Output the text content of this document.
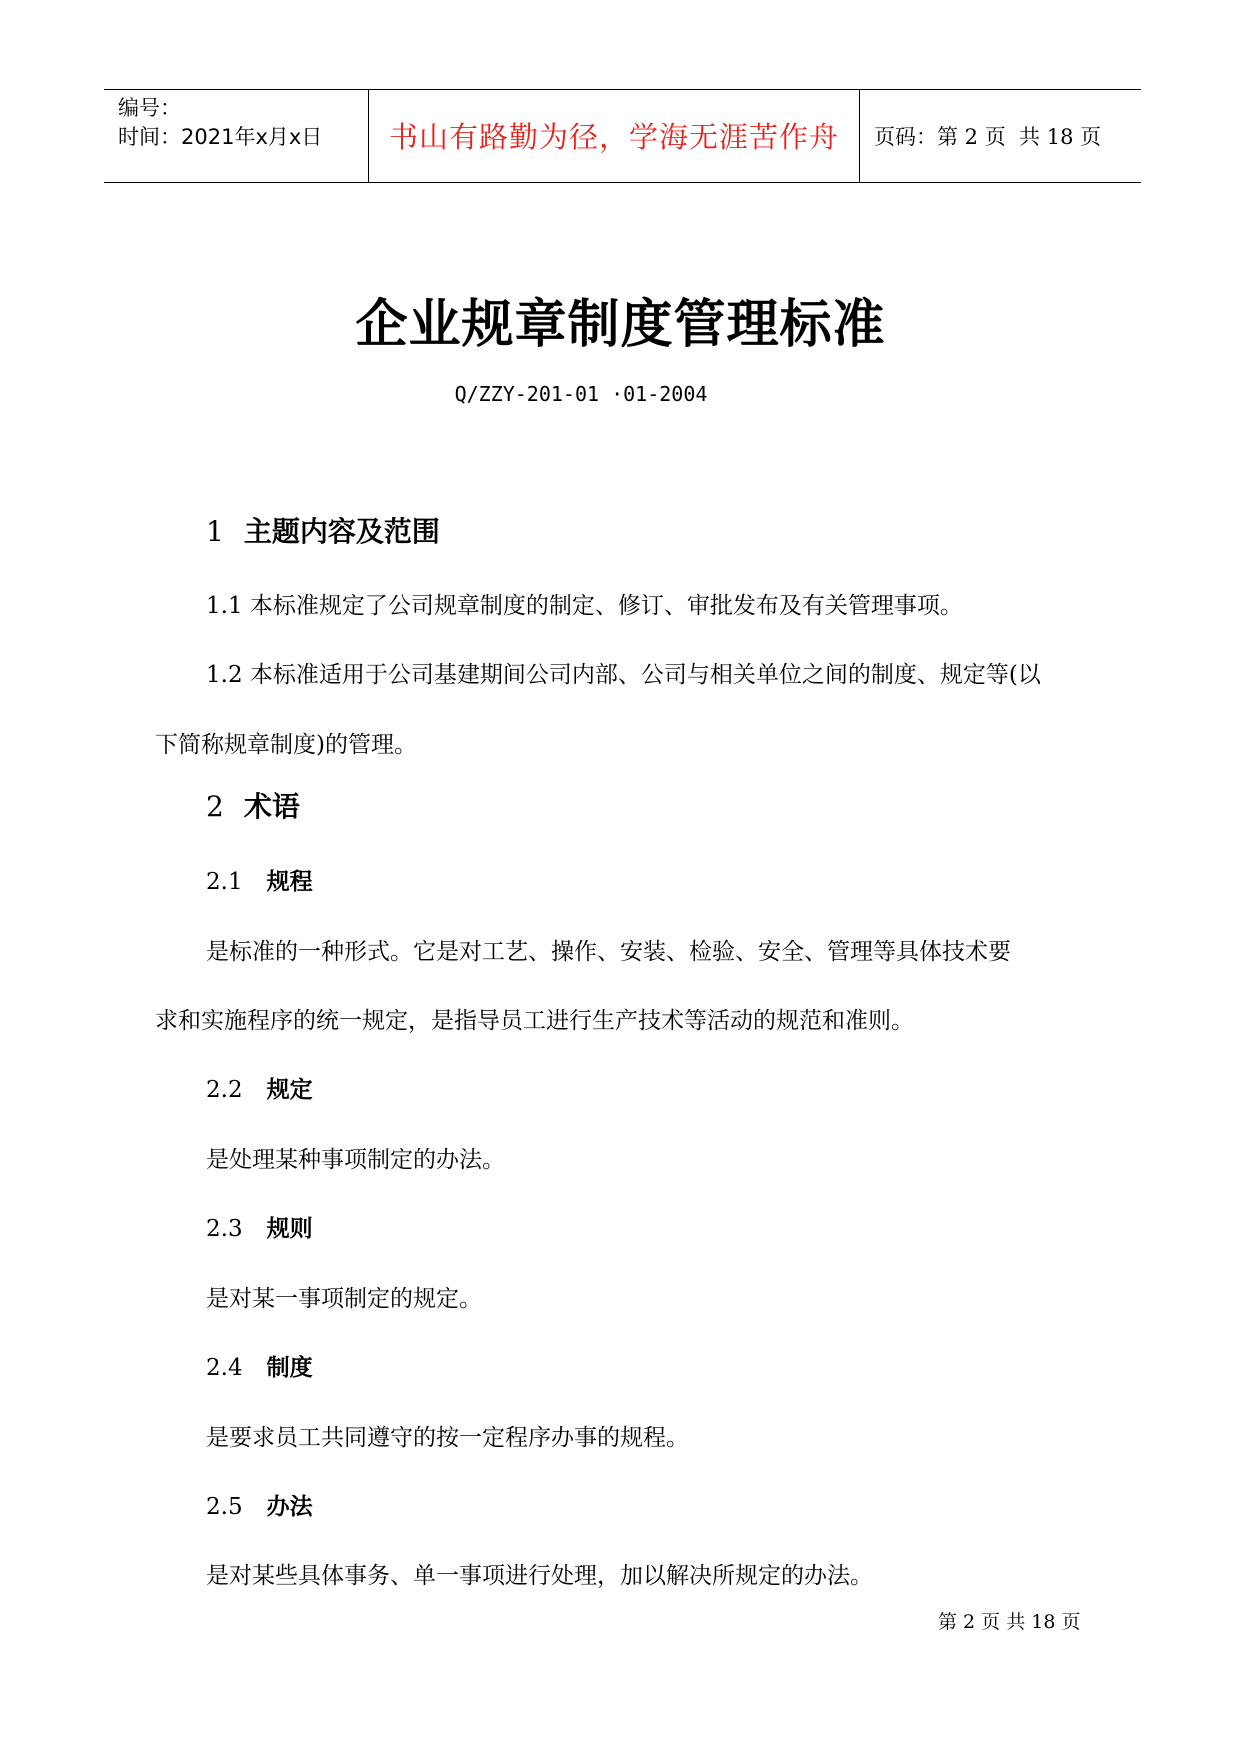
编号：
时间：2021年x月x日	书山有路勤为径，学海无涯苦作舟	页码：第 2 页  共 18 页
企业规章制度管理标准
Q/ZZY-201-01 ·01-2004
1 主题内容及范围
1.1 本标准规定了公司规章制度的制定、修订、审批发布及有关管理事项。
1.2 本标准适用于公司基建期间公司内部、公司与相关单位之间的制度、规定等(以
下简称规章制度)的管理。
2 术语
2.1 规程
是标准的一种形式。它是对工艺、操作、安装、检验、安全、管理等具体技术要
求和实施程序的统一规定，是指导员工进行生产技术等活动的规范和准则。
2.2 规定
是处理某种事项制定的办法。
2.3 规则
是对某一事项制定的规定。
2.4 制度
是要求员工共同遵守的按一定程序办事的规程。
2.5 办法
是对某些具体事务、单一事项进行处理，加以解决所规定的办法。
第 2 页 共 18 页
